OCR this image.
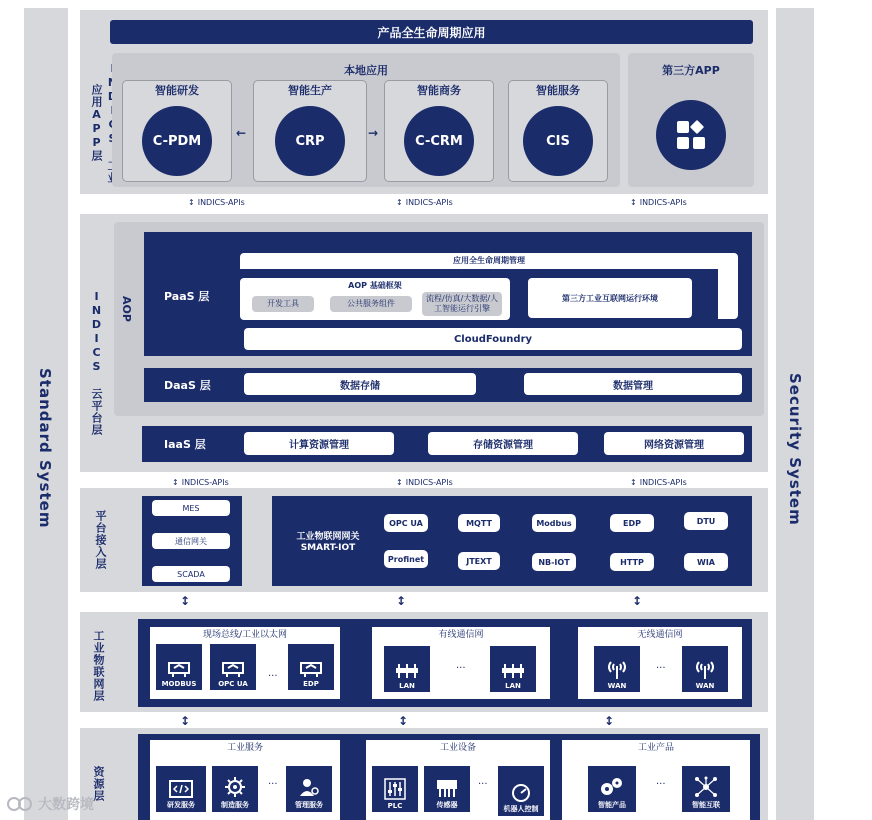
Standard System	Security System
产品全生命周期应用
应用APP层
本地应用
智能研发
C-PDM
←
智能生产
CRP
→
智能商务
C-CRM
智能服务
CIS
第三方APP
↕ INDICS-APIs	↕ INDICS-APIs	↕ INDICS-APIs
INDICS 云平台层 AOP	PaaS 层
应用全生命周期管理
AOP 基础框架
开发工具	公共服务组件
流程/仿真/大数据/人工智能运行引擎
第三方工业互联网运行环境
CloudFoundry
DaaS 层	数据存储	数据管理
IaaS 层	计算资源管理	存储资源管理	网络资源管理
↕ INDICS-APIs	↕ INDICS-APIs	↕ INDICS-APIs
平台接入层
MES
通信网关
SCADA
工业物联网网关
SMART-IOT
OPC UA	MQTT	Modbus	EDP	DTU
Profinet	JTEXT	NB-IOT	HTTP	WIA
↕	↕	↕
工业物联网层	现场总线/工业以太网
MODBUS	OPC UA
...
EDP
有线通信网
LAN
...
LAN
无线通信网
WAN
...
WAN
↕	↕	↕
资源层
工业服务
研发服务	制造服务
...
管理服务
工业设备
PLC	传感器
...
机器人控制
工业产品
智能产品
...
智能互联
大数跨境
